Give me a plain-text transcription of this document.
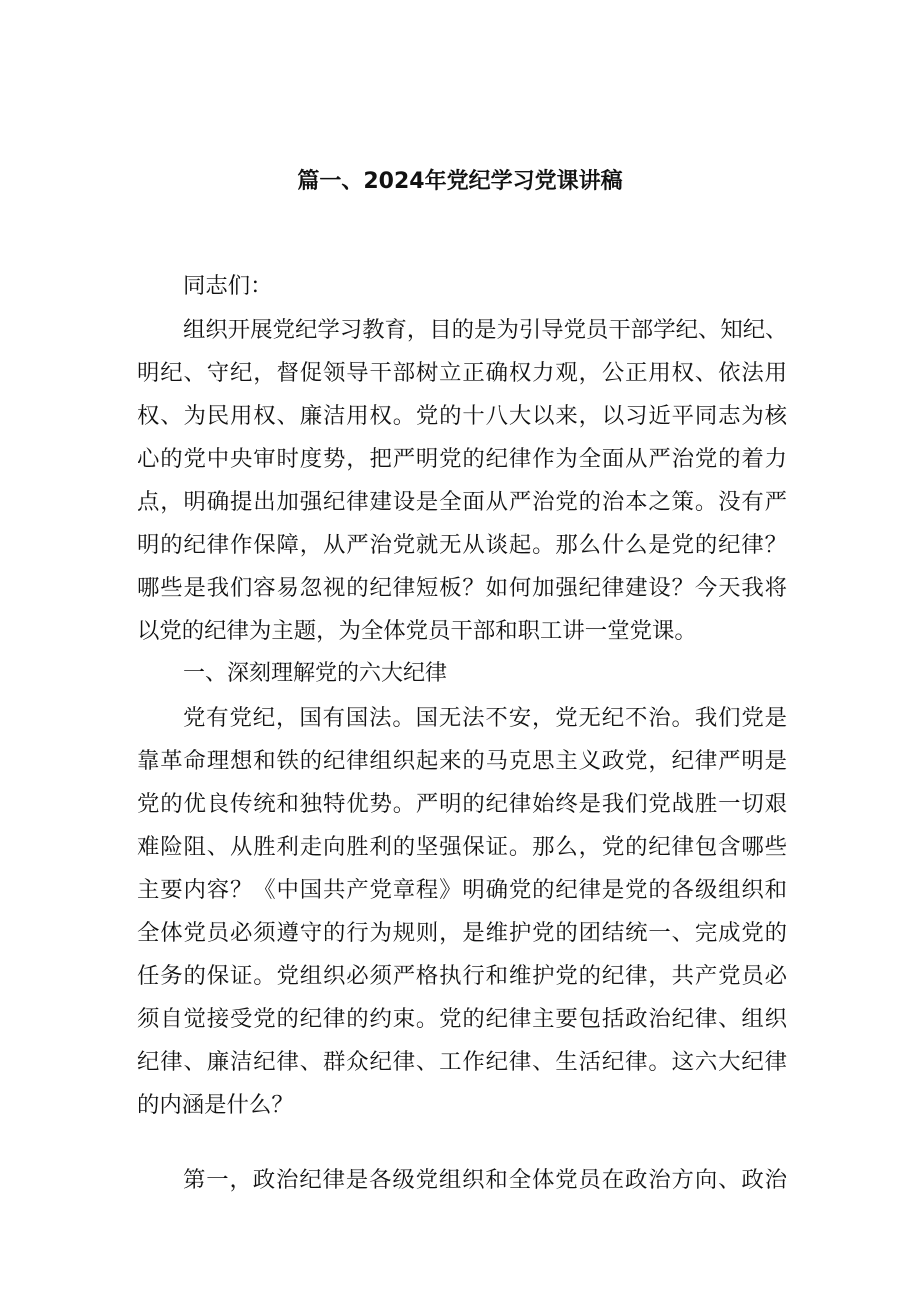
篇一、2024年党纪学习党课讲稿

同志们：

组织开展党纪学习教育，目的是为引导党员干部学纪、知纪、

明纪、守纪，督促领导干部树立正确权力观，公正用权、依法用

权、为民用权、廉洁用权。党的十八大以来，以习近平同志为核

心的党中央审时度势，把严明党的纪律作为全面从严治党的着力

点，明确提出加强纪律建设是全面从严治党的治本之策。没有严

明的纪律作保障，从严治党就无从谈起。那么什么是党的纪律？

哪些是我们容易忽视的纪律短板？如何加强纪律建设？今天我将

以党的纪律为主题，为全体党员干部和职工讲一堂党课。

一、深刻理解党的六大纪律

党有党纪，国有国法。国无法不安，党无纪不治。我们党是

靠革命理想和铁的纪律组织起来的马克思主义政党，纪律严明是

党的优良传统和独特优势。严明的纪律始终是我们党战胜一切艰

难险阻、从胜利走向胜利的坚强保证。那么，党的纪律包含哪些

主要内容？《中国共产党章程》明确党的纪律是党的各级组织和

全体党员必须遵守的行为规则，是维护党的团结统一、完成党的

任务的保证。党组织必须严格执行和维护党的纪律，共产党员必

须自觉接受党的纪律的约束。党的纪律主要包括政治纪律、组织

纪律、廉洁纪律、群众纪律、工作纪律、生活纪律。这六大纪律

的内涵是什么？

第一，政治纪律是各级党组织和全体党员在政治方向、政治
